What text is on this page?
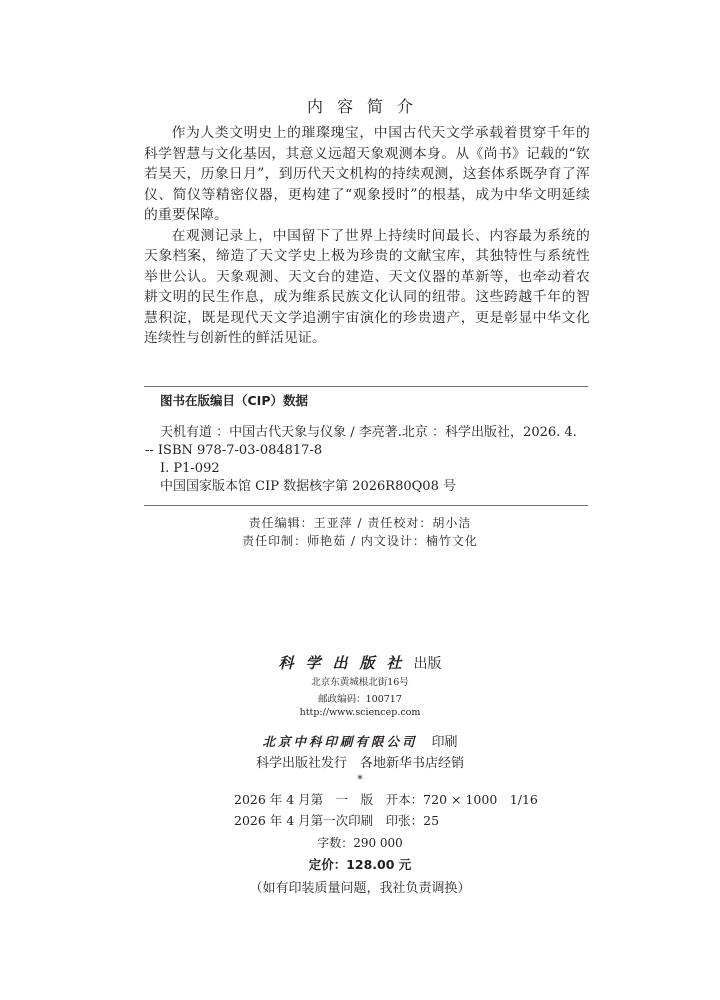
内容简介

作为人类文明史上的璀璨瑰宝，中国古代天文学承载着贯穿千年的科学智慧与文化基因，其意义远超天象观测本身。从《尚书》记载的“钦若昊天，历象日月”，到历代天文机构的持续观测，这套体系既孕育了浑仪、简仪等精密仪器，更构建了“观象授时”的根基，成为中华文明延续的重要保障。

在观测记录上，中国留下了世界上持续时间最长、内容最为系统的天象档案，缔造了天文学史上极为珍贵的文献宝库，其独特性与系统性举世公认。天象观测、天文台的建造、天文仪器的革新等，也牵动着农耕文明的民生作息，成为维系民族文化认同的纽带。这些跨越千年的智慧积淀，既是现代天文学追溯宇宙演化的珍贵遗产，更是彰显中华文化连续性与创新性的鲜活见证。

图书在版编目（CIP）数据
天机有道 ：中国古代天象与仪象 / 李亮著.北京 ：科学出版社，2026. 4.
-- ISBN 978-7-03-084817-8
Ⅰ. P1-092
中国国家版本馆 CIP 数据核字第 2026R80Q08 号
责任编辑：王亚萍 / 责任校对：胡小洁
责任印制：师艳茹 / 内文设计：楠竹文化
科学出版社出版
北京东黄城根北街16号
邮政编码：100717
http://www.sciencep.com
北京中科印刷有限公司 印刷
科学出版社发行　各地新华书店经销
*
2026 年 4 月第　一　版　开本：720 × 1000　1/16
2026 年 4 月第一次印刷　印张：25
字数：290 000
定价：128.00 元
（如有印装质量问题，我社负责调换）
